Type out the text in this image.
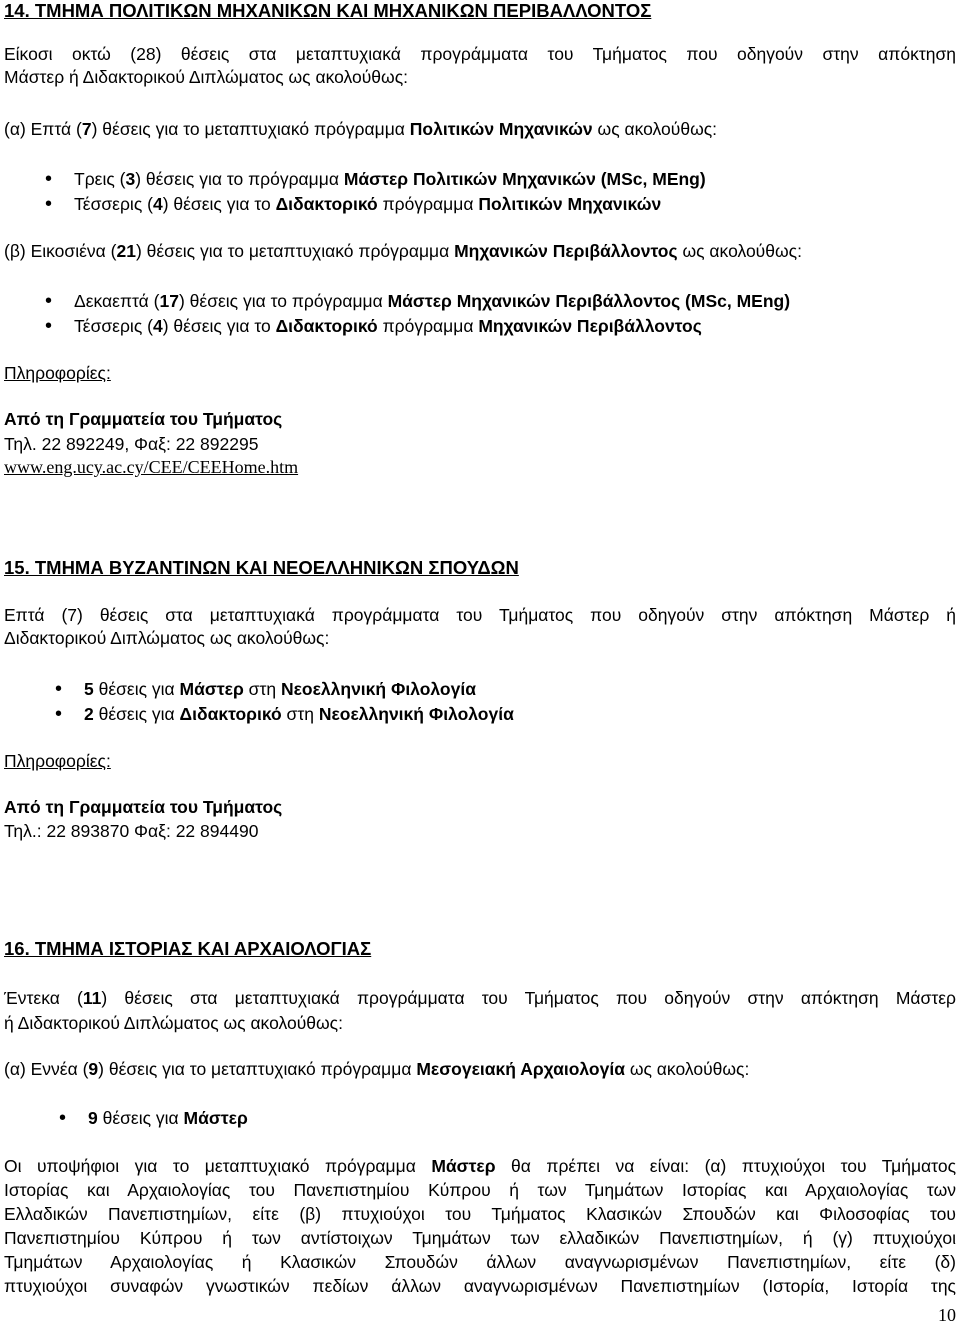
14. ΤΜΗΜΑ ΠΟΛΙΤΙΚΩΝ ΜΗΧΑΝΙΚΩΝ ΚΑΙ ΜΗΧΑΝΙΚΩΝ ΠΕΡΙΒΑΛΛΟΝΤΟΣ
Είκοσι οκτώ (28) θέσεις στα μεταπτυχιακά προγράμματα του Τμήματος που οδηγούν στην απόκτηση
Μάστερ ή Διδακτορικού Διπλώματος ως ακολούθως:
(α) Επτά (7) θέσεις για το μεταπτυχιακό πρόγραμμα Πολιτικών Μηχανικών ως ακολούθως:
• Τρεις (3) θέσεις για το πρόγραμμα Μάστερ Πολιτικών Μηχανικών (MSc, MEng)
• Τέσσερις (4) θέσεις για το Διδακτορικό πρόγραμμα Πολιτικών Μηχανικών
(β) Εικοσιένα (21) θέσεις για το μεταπτυχιακό πρόγραμμα Μηχανικών Περιβάλλοντος ως ακολούθως:
• Δεκαεπτά (17) θέσεις για το πρόγραμμα Μάστερ Μηχανικών Περιβάλλοντος (MSc, MEng)
• Τέσσερις (4) θέσεις για το Διδακτορικό πρόγραμμα Μηχανικών Περιβάλλοντος
Πληροφορίες:
Από τη Γραμματεία του Τμήματος
Τηλ. 22 892249, Φαξ: 22 892295
www.eng.ucy.ac.cy/CEE/CEEHome.htm
15. ΤΜΗΜΑ ΒΥΖΑΝΤΙΝΩΝ ΚΑΙ ΝΕΟΕΛΛΗΝΙΚΩΝ ΣΠΟΥΔΩΝ
Επτά (7) θέσεις στα μεταπτυχιακά προγράμματα του Τμήματος που οδηγούν στην απόκτηση Μάστερ ή
Διδακτορικού Διπλώματος ως ακολούθως:
• 5 θέσεις για Μάστερ στη Νεοελληνική Φιλολογία
• 2 θέσεις για Διδακτορικό στη Νεοελληνική Φιλολογία
Πληροφορίες:
Από τη Γραμματεία του Τμήματος
Τηλ.: 22 893870 Φαξ: 22 894490
16. ΤΜΗΜΑ ΙΣΤΟΡΙΑΣ ΚΑΙ ΑΡΧΑΙΟΛΟΓΙΑΣ
Έντεκα (11) θέσεις στα μεταπτυχιακά προγράμματα του Τμήματος που οδηγούν στην απόκτηση Μάστερ
ή Διδακτορικού Διπλώματος ως ακολούθως:
(α) Εννέα (9) θέσεις για το μεταπτυχιακό πρόγραμμα Μεσογειακή Αρχαιολογία ως ακολούθως:
• 9 θέσεις για Μάστερ
Οι υποψήφιοι για το μεταπτυχιακό πρόγραμμα Μάστερ θα πρέπει να είναι: (α) πτυχιούχοι του Τμήματος
Ιστορίας και Αρχαιολογίας του Πανεπιστημίου Κύπρου ή των Τμημάτων Ιστορίας και Αρχαιολογίας των
Ελλαδικών Πανεπιστημίων, είτε (β) πτυχιούχοι του Τμήματος Κλασικών Σπουδών και Φιλοσοφίας του
Πανεπιστημίου Κύπρου ή των αντίστοιχων Τμημάτων των ελλαδικών Πανεπιστημίων, ή (γ) πτυχιούχοι
Τμημάτων Αρχαιολογίας ή Κλασικών Σπουδών άλλων αναγνωρισμένων Πανεπιστημίων, είτε (δ)
πτυχιούχοι συναφών γνωστικών πεδίων άλλων αναγνωρισμένων Πανεπιστημίων (Ιστορία, Ιστορία της
10
